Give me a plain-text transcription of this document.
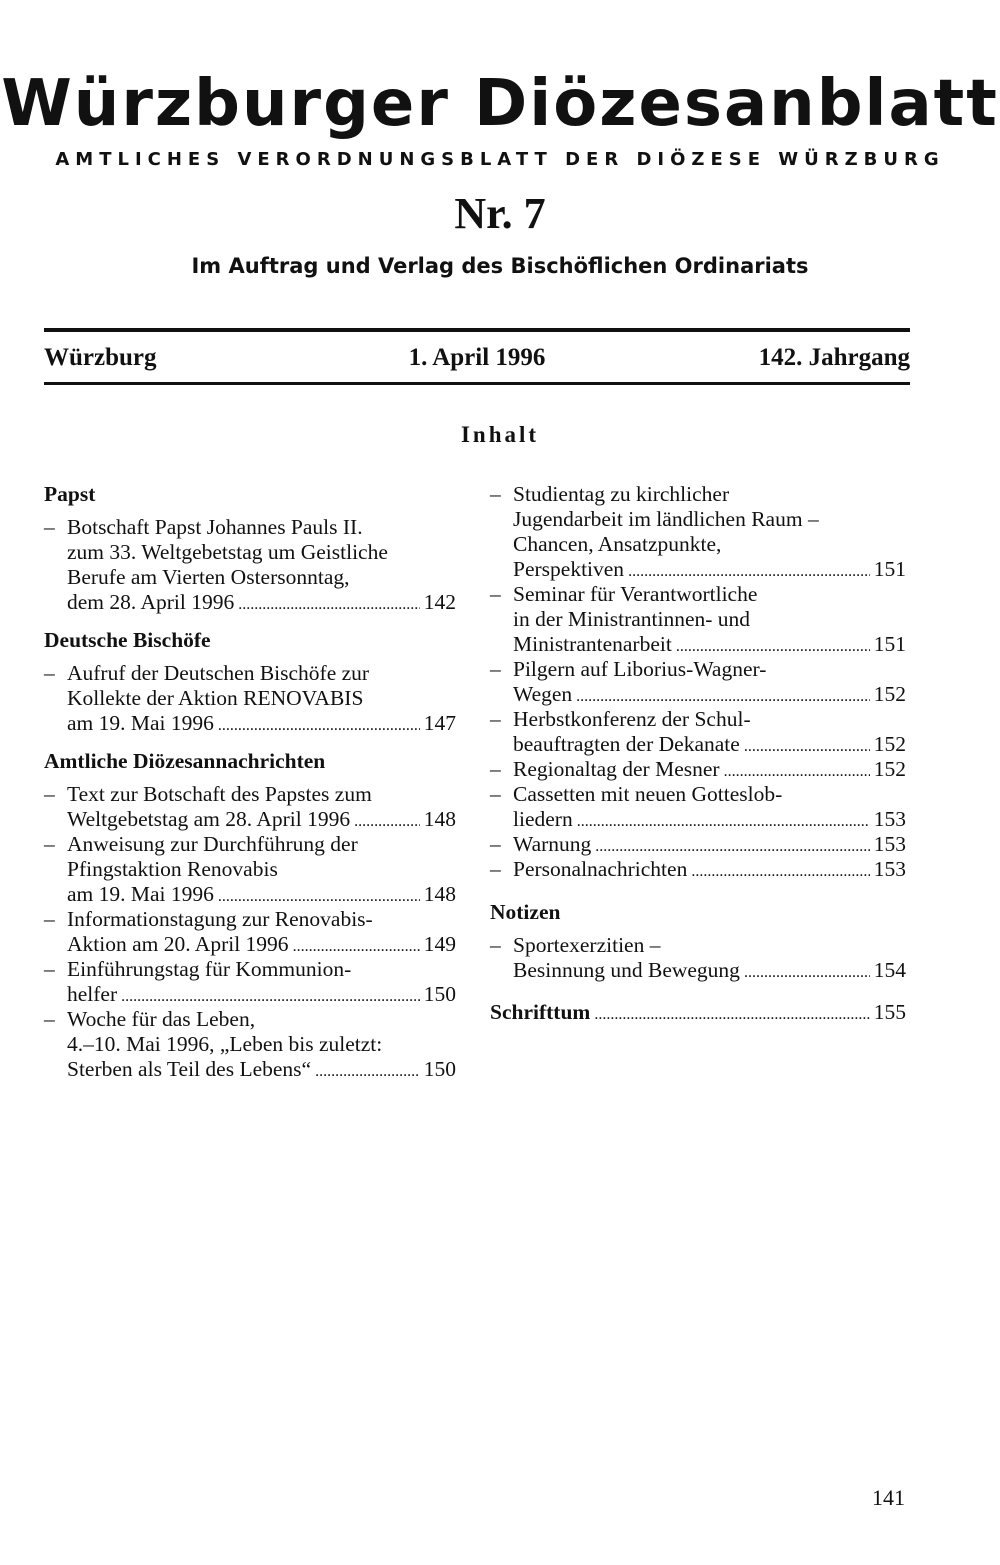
Würzburger Diözesanblatt
AMTLICHES VERORDNUNGSBLATT DER DIÖZESE WÜRZBURG
Nr. 7
Im Auftrag und Verlag des Bischöflichen Ordinariats
Würzburg	1. April 1996	142. Jahrgang
Inhalt
Papst
– Botschaft Papst Johannes Pauls II.
zum 33. Weltgebetstag um Geistliche
Berufe am Vierten Ostersonntag,
dem 28. April 1996 . . .	142
Deutsche Bischöfe
– Aufruf der Deutschen Bischöfe zur
Kollekte der Aktion RENOVABIS
am 19. Mai 1996 . . .	147
Amtliche Diözesannachrichten
– Text zur Botschaft des Papstes zum
Weltgebetstag am 28. April 1996 . . .	148
– Anweisung zur Durchführung der
Pfingstaktion Renovabis
am 19. Mai 1996 . . .	148
– Informationstagung zur Renovabis-
Aktion am 20. April 1996 . . .	149
– Einführungstag für Kommunion-
helfer . . .	150
– Woche für das Leben,
4.–10. Mai 1996, „Leben bis zuletzt:
Sterben als Teil des Lebens“ . . .	150
– Studientag zu kirchlicher
Jugendarbeit im ländlichen Raum –
Chancen, Ansatzpunkte,
Perspektiven . . .	151
– Seminar für Verantwortliche
in der Ministrantinnen- und
Ministrantenarbeit . . .	151
– Pilgern auf Liborius-Wagner-
Wegen . . .	152
– Herbstkonferenz der Schul-
beauftragten der Dekanate . . .	152
– Regionaltag der Mesner . . .	152
– Cassetten mit neuen Gotteslob-
liedern . . .	153
– Warnung . . .	153
– Personalnachrichten . . .	153
Notizen
– Sportexerzitien –
Besinnung und Bewegung . . .	154
Schrifttum . . .	155
141
